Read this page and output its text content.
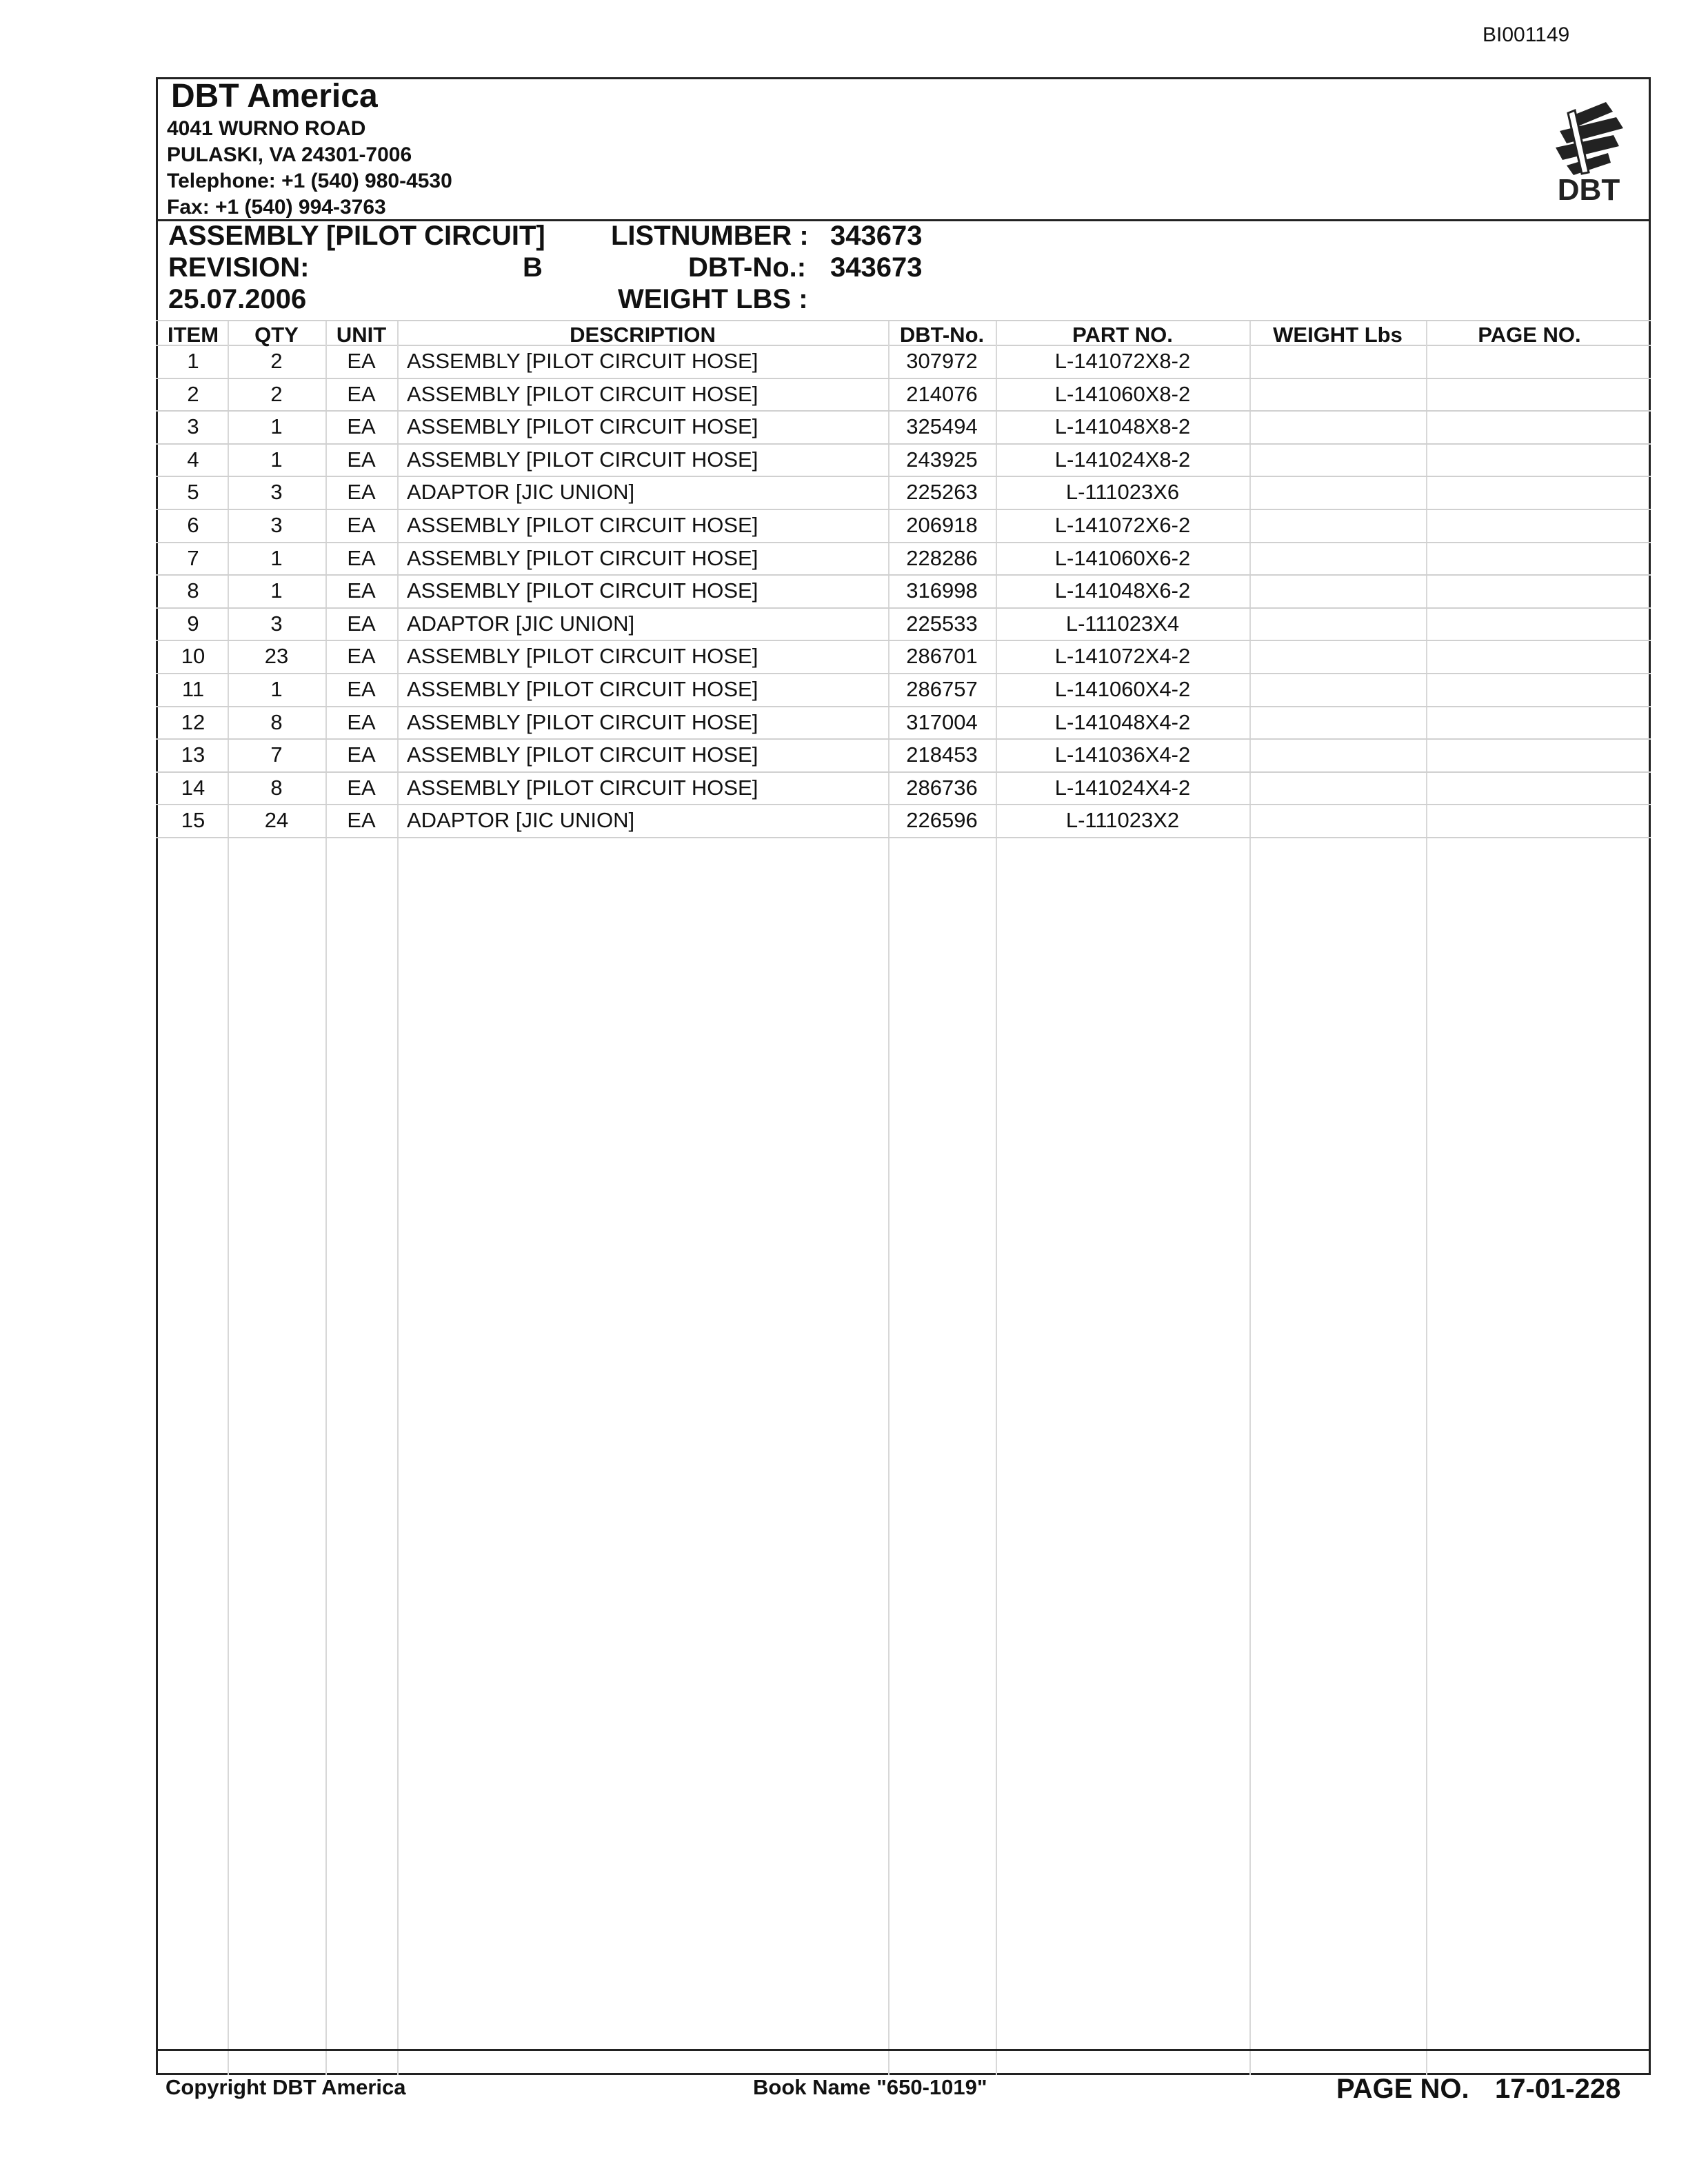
BI001149
DBT America
4041 WURNO ROAD
PULASKI, VA 24301-7006
Telephone: +1 (540) 980-4530
Fax: +1 (540) 994-3763
DBT
ASSEMBLY [PILOT CIRCUIT] LISTNUMBER : 343673
REVISION:	B	DBT-No.: 343673
25.07.2006	WEIGHT LBS :
ITEM	QTY	UNIT	DESCRIPTION	DBT-No.	PART NO.	WEIGHT Lbs	PAGE NO.
1	2	EA	ASSEMBLY [PILOT CIRCUIT HOSE]	307972	L-141072X8-2
2	2	EA	ASSEMBLY [PILOT CIRCUIT HOSE]	214076	L-141060X8-2
3	1	EA	ASSEMBLY [PILOT CIRCUIT HOSE]	325494	L-141048X8-2
4	1	EA	ASSEMBLY [PILOT CIRCUIT HOSE]	243925	L-141024X8-2
5	3	EA	ADAPTOR [JIC UNION]	225263	L-111023X6
6	3	EA	ASSEMBLY [PILOT CIRCUIT HOSE]	206918	L-141072X6-2
7	1	EA	ASSEMBLY [PILOT CIRCUIT HOSE]	228286	L-141060X6-2
8	1	EA	ASSEMBLY [PILOT CIRCUIT HOSE]	316998	L-141048X6-2
9	3	EA	ADAPTOR [JIC UNION]	225533	L-111023X4
10	23	EA	ASSEMBLY [PILOT CIRCUIT HOSE]	286701	L-141072X4-2
11	1	EA	ASSEMBLY [PILOT CIRCUIT HOSE]	286757	L-141060X4-2
12	8	EA	ASSEMBLY [PILOT CIRCUIT HOSE]	317004	L-141048X4-2
13	7	EA	ASSEMBLY [PILOT CIRCUIT HOSE]	218453	L-141036X4-2
14	8	EA	ASSEMBLY [PILOT CIRCUIT HOSE]	286736	L-141024X4-2
15	24	EA	ADAPTOR [JIC UNION]	226596	L-111023X2
Copyright DBT America	Book Name "650-1019"	PAGE NO. 17-01-228
